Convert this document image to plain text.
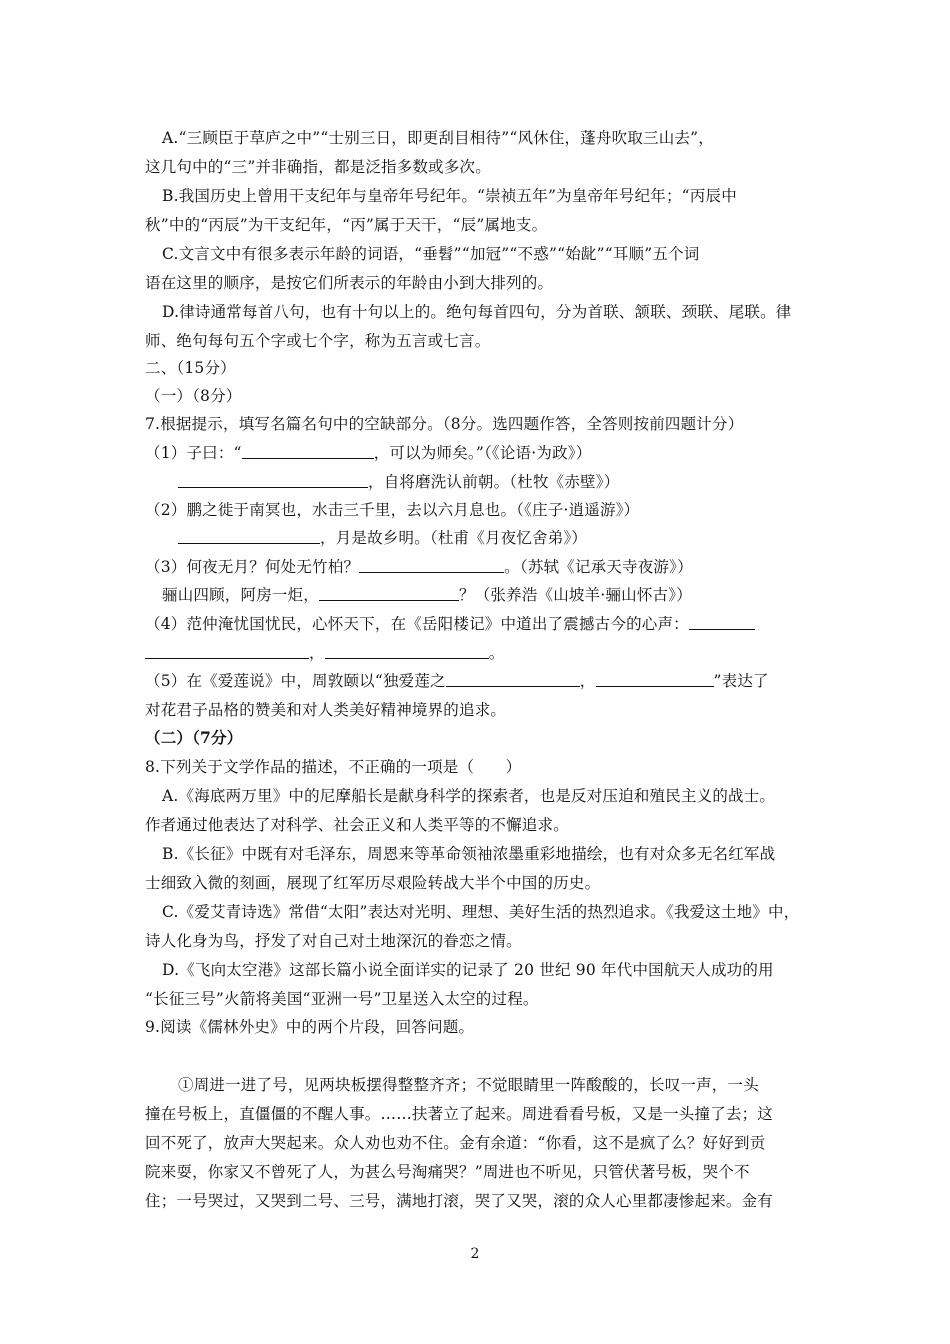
A.“三顾臣于草庐之中”“士别三日，即更刮目相待”“风休住，蓬舟吹取三山去”，
这几句中的“三”并非确指，都是泛指多数或多次。
B.我国历史上曾用干支纪年与皇帝年号纪年。“崇祯五年”为皇帝年号纪年；“丙辰中
秋”中的“丙辰”为干支纪年，“丙”属于天干，“辰”属地支。
C.文言文中有很多表示年龄的词语，“垂髫”“加冠”“不惑”“始龀”“耳顺”五个词
语在这里的顺序，是按它们所表示的年龄由小到大排列的。
D.律诗通常每首八句，也有十句以上的。绝句每首四句，分为首联、颔联、颈联、尾联。律
师、绝句每句五个字或七个字，称为五言或七言。
二、（15分）
（一）（8分）
7.根据提示，填写名篇名句中的空缺部分。（8分。选四题作答，全答则按前四题计分）
（1）子曰：“	，可以为师矣。”（《论语·为政》）
，自将磨洗认前朝。（杜牧《赤壁》）
（2）鹏之徙于南冥也，水击三千里，去以六月息也。（《庄子·逍遥游》）
，月是故乡明。（杜甫《月夜忆舍弟》）
（3）何夜无月？何处无竹柏？	。（苏轼《记承天寺夜游》）
骊山四顾，阿房一炬，	？（张养浩《山坡羊·骊山怀古》）
（4）范仲淹忧国忧民，心怀天下，在《岳阳楼记》中道出了震撼古今的心声：
，	。
（5）在《爱莲说》中，周敦颐以“独爱莲之	，	”表达了
对花君子品格的赞美和对人类美好精神境界的追求。
（二）（7分）
8.下列关于文学作品的描述，不正确的一项是（　　）
A.《海底两万里》中的尼摩船长是献身科学的探索者，也是反对压迫和殖民主义的战士。
作者通过他表达了对科学、社会正义和人类平等的不懈追求。
B.《长征》中既有对毛泽东，周恩来等革命领袖浓墨重彩地描绘，也有对众多无名红军战
士细致入微的刻画，展现了红军历尽艰险转战大半个中国的历史。
C.《爱艾青诗选》常借“太阳”表达对光明、理想、美好生活的热烈追求。《我爱这土地》中，
诗人化身为鸟，抒发了对自己对土地深沉的眷恋之情。
D.《飞向太空港》这部长篇小说全面详实的记录了 20 世纪 90 年代中国航天人成功的用
“长征三号”火箭将美国“亚洲一号”卫星送入太空的过程。
9.阅读《儒林外史》中的两个片段，回答问题。
①周进一进了号，见两块板摆得整整齐齐；不觉眼睛里一阵酸酸的，长叹一声，一头
撞在号板上，直僵僵的不醒人事。……扶著立了起来。周进看看号板，又是一头撞了去；这
回不死了，放声大哭起来。众人劝也劝不住。金有余道：“你看，这不是疯了么？好好到贡
院来耍，你家又不曾死了人，为甚么号淘痛哭？”周进也不听见，只管伏著号板，哭个不
住；一号哭过，又哭到二号、三号，满地打滚，哭了又哭，滚的众人心里都凄惨起来。金有
2
